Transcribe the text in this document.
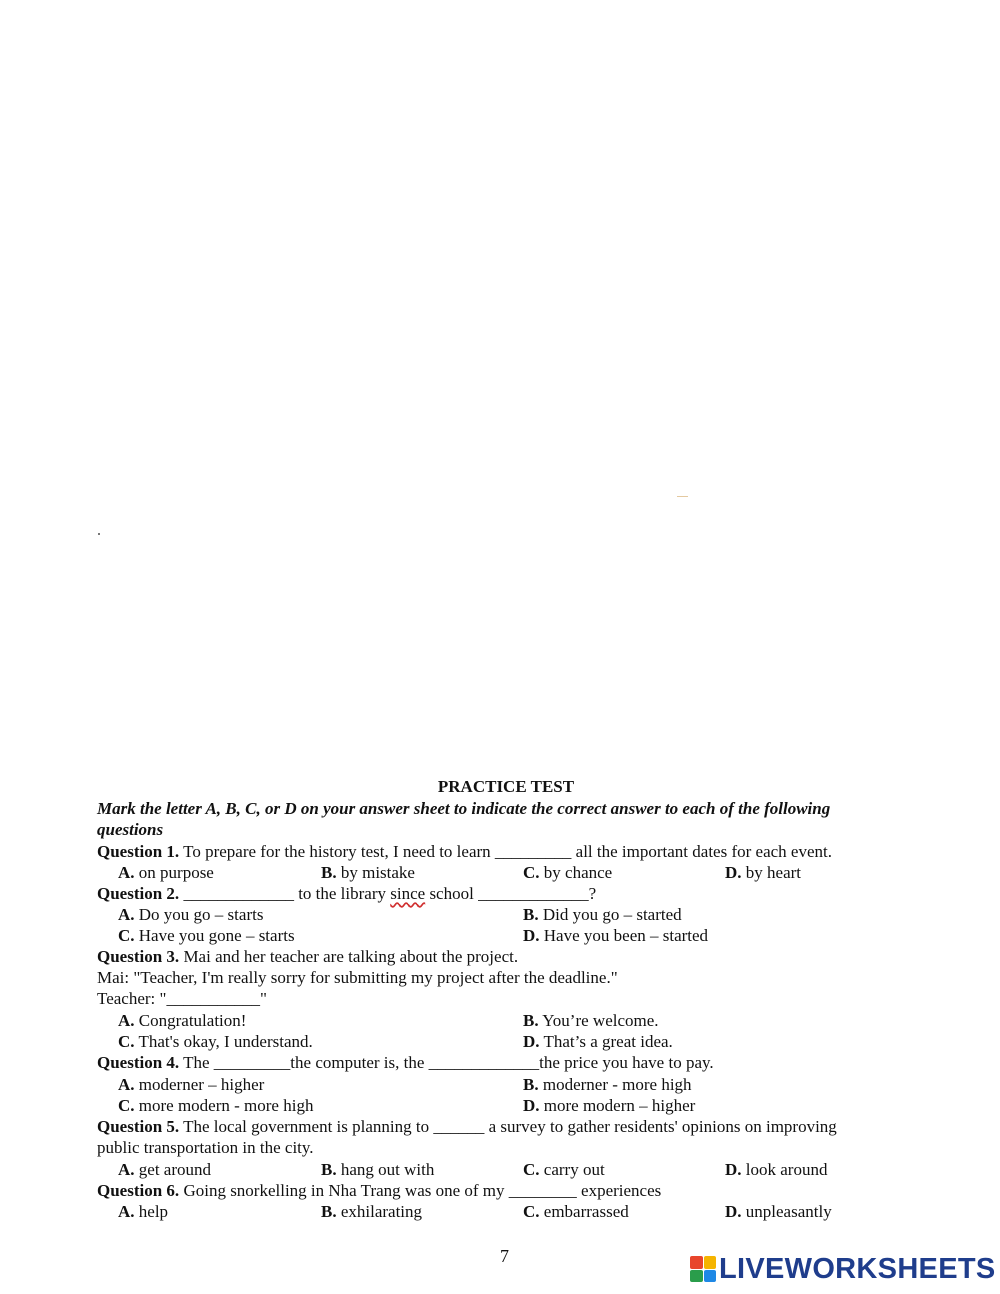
PRACTICE TEST
Mark the letter A, B, C, or D on your answer sheet to indicate the correct answer to each of the following
questions
Question 1. To prepare for the history test, I need to learn _________ all the important dates for each event.
A. on purpose	B. by mistake	C. by chance	D. by heart
Question 2. _____________ to the library since school _____________?
A. Do you go – starts	B. Did you go – started
C. Have you gone – starts	D. Have you been – started
Question 3. Mai and her teacher are talking about the project.
Mai: "Teacher, I'm really sorry for submitting my project after the deadline."
Teacher: "___________"
A. Congratulation!	B. You’re welcome.
C. That's okay, I understand.	D. That’s a great idea.
Question 4. The _________the computer is, the _____________the price you have to pay.
A. moderner – higher	B. moderner - more high
C. more modern - more high	D. more modern – higher
Question 5. The local government is planning to ______ a survey to gather residents' opinions on improving
public transportation in the city.
A. get around	B. hang out with	C. carry out	D. look around
Question 6. Going snorkelling in Nha Trang was one of my ________ experiences
A. help	B. exhilarating	C. embarrassed	D. unpleasantly
7	LIVEWORKSHEETS
